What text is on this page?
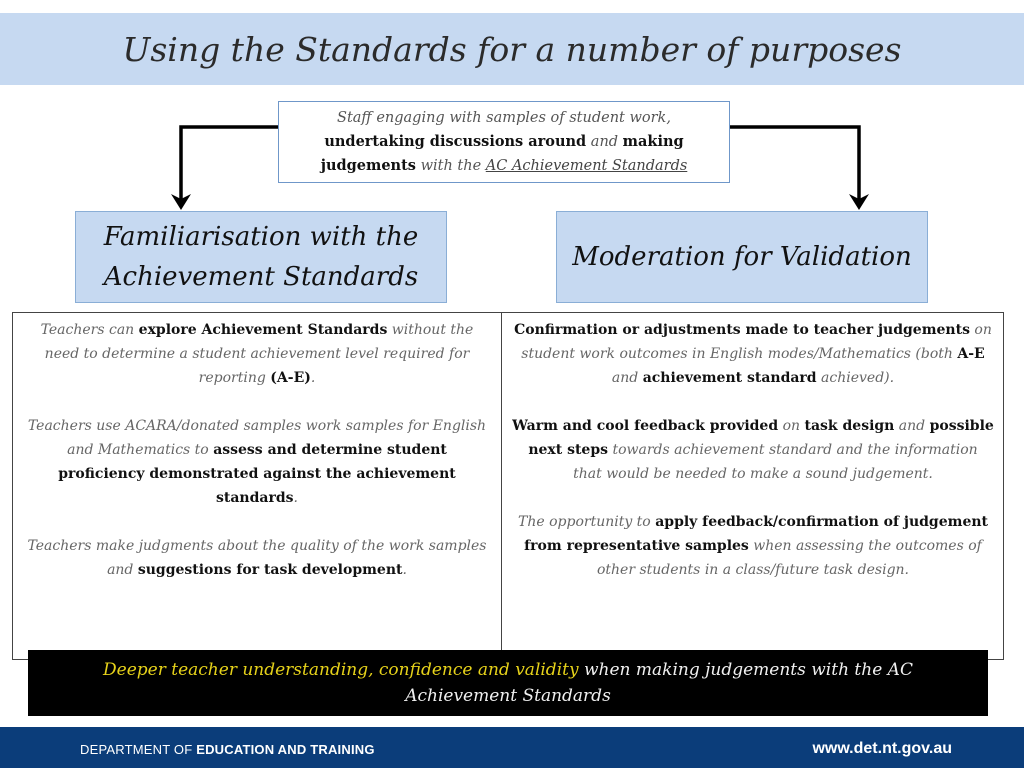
Using the Standards for a number of purposes
Staff engaging with samples of student work, undertaking discussions around and making judgements with the AC Achievement Standards
Familiarisation with the Achievement Standards
Moderation for Validation

Teachers can explore Achievement Standards without the need to determine a student achievement level required for reporting (A-E).

Teachers use ACARA/donated samples work samples for English and Mathematics to assess and determine student proficiency demonstrated against the achievement standards.

Teachers make judgments about the quality of the work samples and suggestions for task development.

Confirmation or adjustments made to teacher judgements on student work outcomes in English modes/Mathematics (both A-E and achievement standard achieved).

Warm and cool feedback provided on task design and possible next steps towards achievement standard and the information that would be needed to make a sound judgement.

The opportunity to apply feedback/confirmation of judgement from representative samples when assessing the outcomes of other students in a class/future task design.

Deeper teacher understanding, confidence and validity when making judgements with the AC Achievement Standards
DEPARTMENT OF EDUCATION AND TRAINING	www.det.nt.gov.au
